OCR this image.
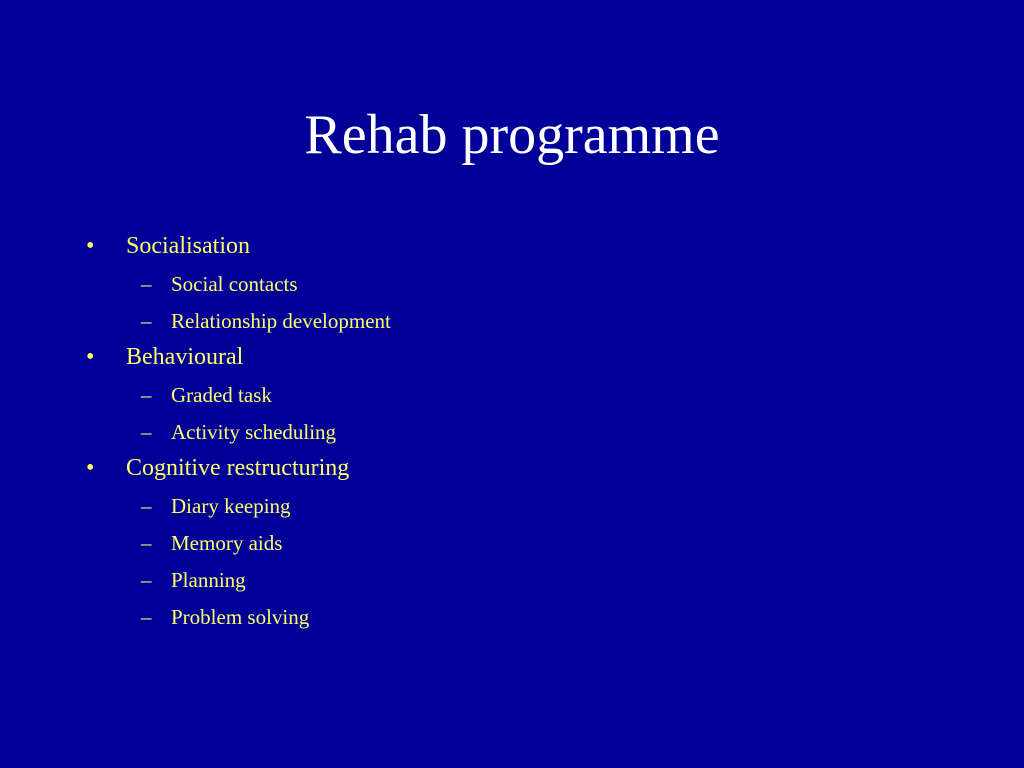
Rehab programme
•	Socialisation
– Social contacts
– Relationship development
•	Behavioural
– Graded task
– Activity scheduling
•	Cognitive restructuring
– Diary keeping
– Memory aids
– Planning
– Problem solving
